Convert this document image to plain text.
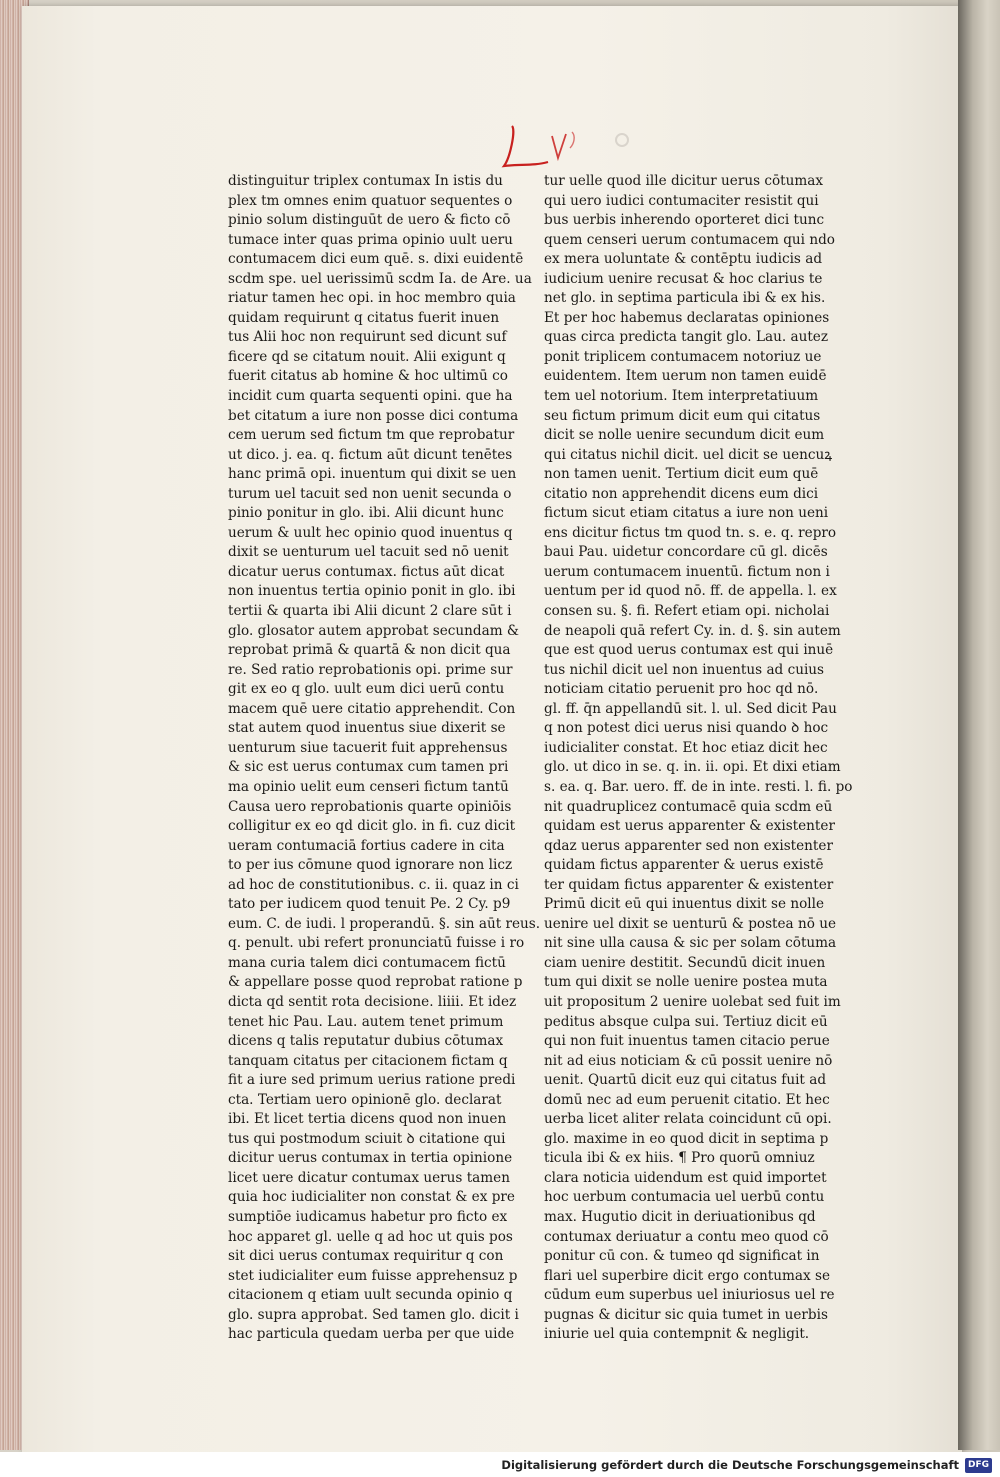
distinguitur triplex contumax In istis du
plex tm omnes enim quatuor sequentes o
pinio solum distinguūt de uero & ficto cō
tumace inter quas prima opinio uult ueru
contumacem dici eum quē. s. dixi euidentē
scdm spe. uel uerissimū scdm Ia. de Are. ua
riatur tamen hec opi. in hoc membro quia
quidam requirunt q citatus fuerit inuen
tus Alii hoc non requirunt sed dicunt suf
ficere qd se citatum nouit. Alii exigunt q
fuerit citatus ab homine & hoc ultimū co
incidit cum quarta sequenti opini. que ha
bet citatum a iure non posse dici contuma
cem uerum sed fictum tm que reprobatur
ut dico. j. ea. q. fictum aūt dicunt tenētes
hanc primā opi. inuentum qui dixit se uen
turum uel tacuit sed non uenit secunda o
pinio ponitur in glo. ibi. Alii dicunt hunc
uerum & uult hec opinio quod inuentus q
dixit se uenturum uel tacuit sed nō uenit
dicatur uerus contumax. fictus aūt dicat
non inuentus tertia opinio ponit in glo. ibi
tertii & quarta ibi Alii dicunt 2 clare sūt i
glo. glosator autem approbat secundam &
reprobat primā & quartā & non dicit qua
re. Sed ratio reprobationis opi. prime sur
git ex eo q glo. uult eum dici uerū contu
macem quē uere citatio apprehendit. Con
stat autem quod inuentus siue dixerit se
uenturum siue tacuerit fuit apprehensus
& sic est uerus contumax cum tamen pri
ma opinio uelit eum censeri fictum tantū
Causa uero reprobationis quarte opiniōis
colligitur ex eo qd dicit glo. in fi. cuz dicit
ueram contumaciā fortius cadere in cita
to per ius cōmune quod ignorare non licz
ad hoc de constitutionibus. c. ii. quaz in ci
tato per iudicem quod tenuit Pe. 2 Cy. p9
eum. C. de iudi. l properandū. §. sin aūt reus.
q. penult. ubi refert pronunciatū fuisse i ro
mana curia talem dici contumacem fictū
& appellare posse quod reprobat ratione p
dicta qd sentit rota decisione. liiii. Et idez
tenet hic Pau. Lau. autem tenet primum
dicens q talis reputatur dubius cōtumax
tanquam citatus per citacionem fictam q
fit a iure sed primum uerius ratione predi
cta. Tertiam uero opinionē glo. declarat
ibi. Et licet tertia dicens quod non inuen
tus qui postmodum sciuit ꝺ citatione qui
dicitur uerus contumax in tertia opinione
licet uere dicatur contumax uerus tamen
quia hoc iudicialiter non constat & ex pre
sumptiōe iudicamus habetur pro ficto ex
hoc apparet gl. uelle q ad hoc ut quis pos
sit dici uerus contumax requiritur q con
stet iudicialiter eum fuisse apprehensuz p
citacionem q etiam uult secunda opinio q
glo. supra approbat. Sed tamen glo. dicit i
hac particula quedam uerba per que uide
tur uelle quod ille dicitur uerus cōtumax
qui uero iudici contumaciter resistit qui
bus uerbis inherendo oporteret dici tunc
quem censeri uerum contumacem qui ndo
ex mera uoluntate & contēptu iudicis ad
iudicium uenire recusat & hoc clarius te
net glo. in septima particula ibi & ex his.
Et per hoc habemus declaratas opiniones
quas circa predicta tangit glo. Lau. autez
ponit triplicem contumacem notoriuz ue
euidentem. Item uerum non tamen euidē
tem uel notorium. Item interpretatiuum
seu fictum primum dicit eum qui citatus
dicit se nolle uenire secundum dicit eum
qui citatus nichil dicit. uel dicit se uencuꝝ
non tamen uenit. Tertium dicit eum quē
citatio non apprehendit dicens eum dici
fictum sicut etiam citatus a iure non ueni
ens dicitur fictus tm quod tn. s. e. q. repro
baui Pau. uidetur concordare cū gl. dicēs
uerum contumacem inuentū. fictum non i
uentum per id quod nō. ff. de appella. l. ex
consen su. §. fi. Refert etiam opi. nicholai
de neapoli quā refert Cy. in. d. §. sin autem
que est quod uerus contumax est qui inuē
tus nichil dicit uel non inuentus ad cuius
noticiam citatio peruenit pro hoc qd nō.
gl. ff. q̄n appellandū sit. l. ul. Sed dicit Pau
q non potest dici uerus nisi quando ꝺ hoc
iudicialiter constat. Et hoc etiaz dicit hec
glo. ut dico in se. q. in. ii. opi. Et dixi etiam
s. ea. q. Bar. uero. ff. de in inte. resti. l. fi. po
nit quadruplicez contumacē quia scdm eū
quidam est uerus apparenter & existenter
qdaz uerus apparenter sed non existenter
quidam fictus apparenter & uerus existē
ter quidam fictus apparenter & existenter
Primū dicit eū qui inuentus dixit se nolle
uenire uel dixit se uenturū & postea nō ue
nit sine ulla causa & sic per solam cōtuma
ciam uenire destitit. Secundū dicit inuen
tum qui dixit se nolle uenire postea muta
uit propositum 2 uenire uolebat sed fuit im
peditus absque culpa sui. Tertiuz dicit eū
qui non fuit inuentus tamen citacio perue
nit ad eius noticiam & cū possit uenire nō
uenit. Quartū dicit euz qui citatus fuit ad
domū nec ad eum peruenit citatio. Et hec
uerba licet aliter relata coincidunt cū opi.
glo. maxime in eo quod dicit in septima p
ticula ibi & ex hiis. ¶ Pro quorū omniuz
clara noticia uidendum est quid importet
hoc uerbum contumacia uel uerbū contu
max. Hugutio dicit in deriuationibus qd
contumax deriuatur a contu meo quod cō
ponitur cū con. & tumeo qd significat in
flari uel superbire dicit ergo contumax se
cūdum eum superbus uel iniuriosus uel re
pugnas & dicitur sic quia tumet in uerbis
iniurie uel quia contempnit & negligit.
Digitalisierung gefördert durch die Deutsche Forschungsgemeinschaft	DFG
